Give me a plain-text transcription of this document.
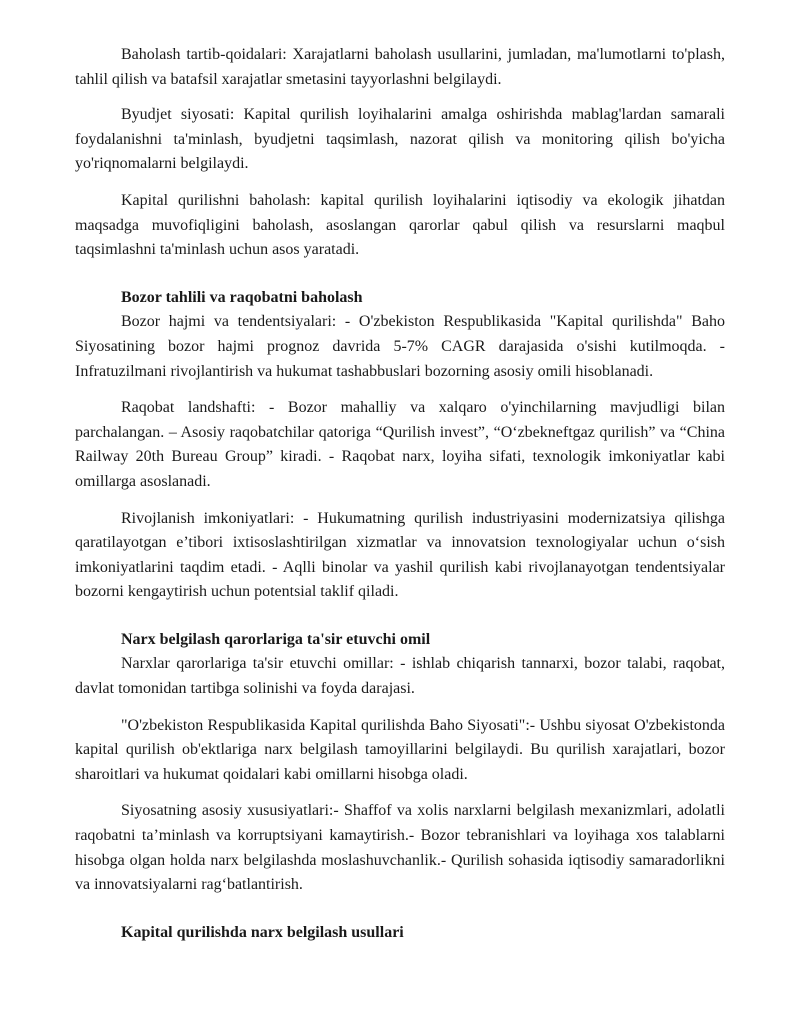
Baholash tartib-qoidalari: Xarajatlarni baholash usullarini, jumladan, ma'lumotlarni to'plash, tahlil qilish va batafsil xarajatlar smetasini tayyorlashni belgilaydi.

Byudjet siyosati: Kapital qurilish loyihalarini amalga oshirishda mablag'lardan samarali foydalanishni ta'minlash, byudjetni taqsimlash, nazorat qilish va monitoring qilish bo'yicha yo'riqnomalarni belgilaydi.

Kapital qurilishni baholash: kapital qurilish loyihalarini iqtisodiy va ekologik jihatdan maqsadga muvofiqligini baholash, asoslangan qarorlar qabul qilish va resurslarni maqbul taqsimlashni ta'minlash uchun asos yaratadi.

Bozor tahlili va raqobatni baholash

Bozor hajmi va tendentsiyalari: - O'zbekiston Respublikasida "Kapital qurilishda" Baho Siyosatining bozor hajmi prognoz davrida 5-7% CAGR darajasida o'sishi kutilmoqda. - Infratuzilmani rivojlantirish va hukumat tashabbuslari bozorning asosiy omili hisoblanadi.

Raqobat landshafti: - Bozor mahalliy va xalqaro o'yinchilarning mavjudligi bilan parchalangan. – Asosiy raqobatchilar qatoriga “Qurilish invest”, “O‘zbekneftgaz qurilish” va “China Railway 20th Bureau Group” kiradi. - Raqobat narx, loyiha sifati, texnologik imkoniyatlar kabi omillarga asoslanadi.

Rivojlanish imkoniyatlari: - Hukumatning qurilish industriyasini modernizatsiya qilishga qaratilayotgan e’tibori ixtisoslashtirilgan xizmatlar va innovatsion texnologiyalar uchun o‘sish imkoniyatlarini taqdim etadi. - Aqlli binolar va yashil qurilish kabi rivojlanayotgan tendentsiyalar bozorni kengaytirish uchun potentsial taklif qiladi.

Narx belgilash qarorlariga ta'sir etuvchi omil

Narxlar qarorlariga ta'sir etuvchi omillar: - ishlab chiqarish tannarxi, bozor talabi, raqobat, davlat tomonidan tartibga solinishi va foyda darajasi.

"O'zbekiston Respublikasida Kapital qurilishda Baho Siyosati":- Ushbu siyosat O'zbekistonda kapital qurilish ob'ektlariga narx belgilash tamoyillarini belgilaydi. Bu qurilish xarajatlari, bozor sharoitlari va hukumat qoidalari kabi omillarni hisobga oladi.

Siyosatning asosiy xususiyatlari:- Shaffof va xolis narxlarni belgilash mexanizmlari, adolatli raqobatni ta’minlash va korruptsiyani kamaytirish.- Bozor tebranishlari va loyihaga xos talablarni hisobga olgan holda narx belgilashda moslashuvchanlik.- Qurilish sohasida iqtisodiy samaradorlikni va innovatsiyalarni rag‘batlantirish.

Kapital qurilishda narx belgilash usullari
